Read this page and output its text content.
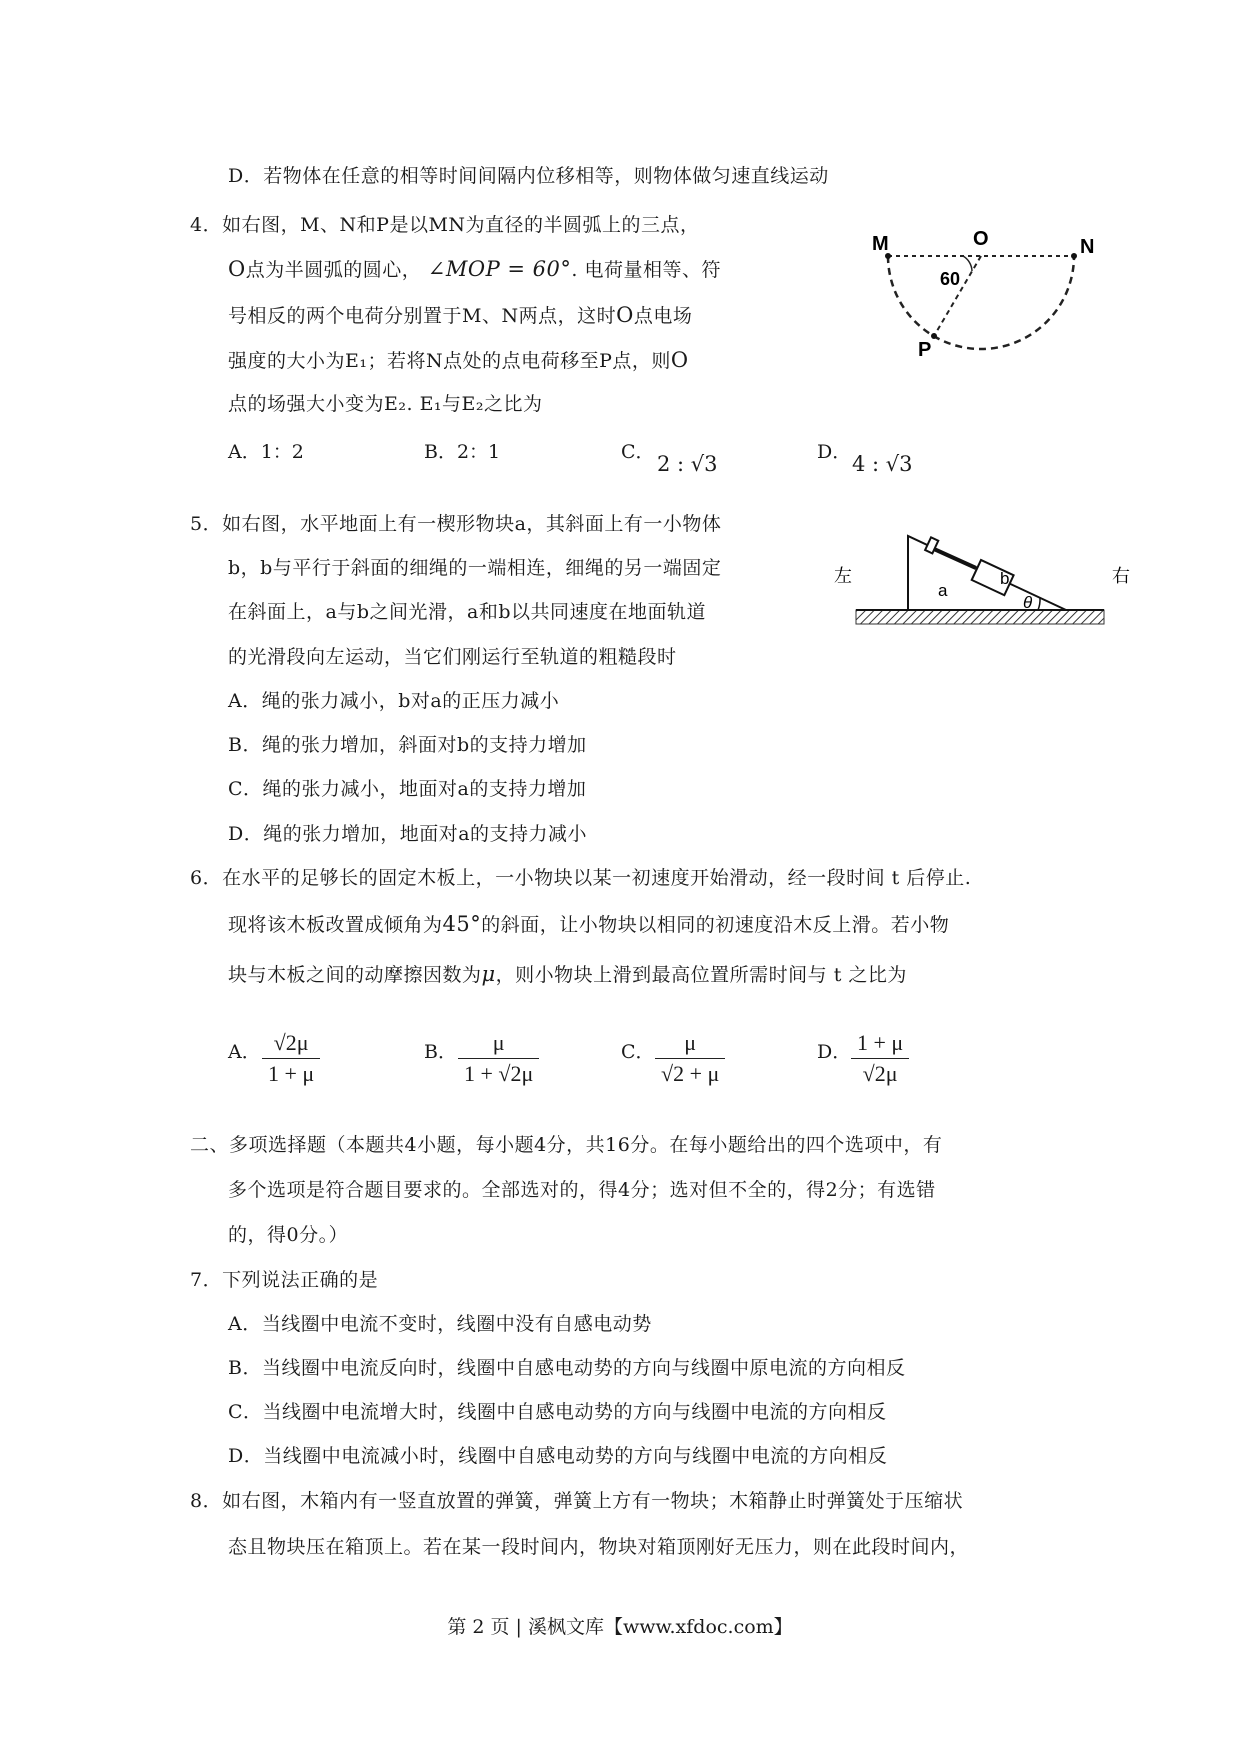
D．若物体在任意的相等时间间隔内位移相等，则物体做匀速直线运动
4．如右图，M、N和P是以MN为直径的半圆弧上的三点，
O点为半圆弧的圆心， ∠MOP = 60°. 电荷量相等、符
号相反的两个电荷分别置于M、N两点，这时O点电场
强度的大小为E₁；若将N点处的点电荷移至P点，则O
点的场强大小变为E₂. E₁与E₂之比为
A．1：2	B．2：1	C． 2 : √3	D． 4 : √3
M	O	N
60
P
5．如右图，水平地面上有一楔形物块a，其斜面上有一小物体
b，b与平行于斜面的细绳的一端相连，细绳的另一端固定
在斜面上，a与b之间光滑，a和b以共同速度在地面轨道
的光滑段向左运动，当它们刚运行至轨道的粗糙段时
A．绳的张力减小，b对a的正压力减小
B．绳的张力增加，斜面对b的支持力增加
C．绳的张力减小，地面对a的支持力增加
D．绳的张力增加，地面对a的支持力减小
左	右
a
b
θ
6．在水平的足够长的固定木板上，一小物块以某一初速度开始滑动，经一段时间 t 后停止.
现将该木板改置成倾角为45°的斜面，让小物块以相同的初速度沿木反上滑。若小物
块与木板之间的动摩擦因数为μ，则小物块上滑到最高位置所需时间与 t 之比为
A． $\frac{√2\mu}{1 + \mu}$	B． $\frac{\mu}{1 + √2\mu}$	C． $\frac{\mu}{√2 + \mu}$	D． $\frac{1 + \mu}{√2\mu}$
二、多项选择题（本题共4小题，每小题4分，共16分。在每小题给出的四个选项中，有
多个选项是符合题目要求的。全部选对的，得4分；选对但不全的，得2分；有选错
的，得0分。）
7．下列说法正确的是
A．当线圈中电流不变时，线圈中没有自感电动势
B．当线圈中电流反向时，线圈中自感电动势的方向与线圈中原电流的方向相反
C．当线圈中电流增大时，线圈中自感电动势的方向与线圈中电流的方向相反
D．当线圈中电流减小时，线圈中自感电动势的方向与线圈中电流的方向相反
8．如右图，木箱内有一竖直放置的弹簧，弹簧上方有一物块；木箱静止时弹簧处于压缩状
态且物块压在箱顶上。若在某一段时间内，物块对箱顶刚好无压力，则在此段时间内，
第 2 页 | 溪枫文库【www.xfdoc.com】
